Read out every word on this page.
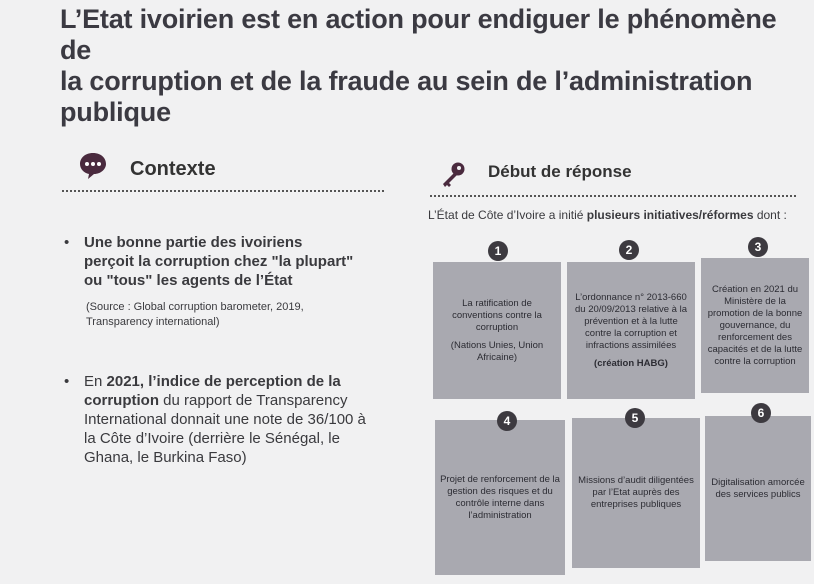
L’Etat ivoirien est en action pour endiguer le phénomène de
la corruption et de la fraude au sein de l’administration
publique
Contexte
• Une bonne partie des ivoiriens perçoit la corruption chez "la plupart" ou "tous" les agents de l’État
(Source : Global corruption barometer, 2019, Transparency international)
• En 2021, l’indice de perception de la corruption du rapport de Transparency International donnait une note de 36/100 à la Côte d’Ivoire (derrière le Sénégal, le Ghana, le Burkina Faso)
Début de réponse
L’État de Côte d’Ivoire a initié plusieurs initiatives/réformes dont :
La ratification de conventions contre la corruption
(Nations Unies, Union Africaine)
L’ordonnance n° 2013-660 du 20/09/2013 relative à la prévention et à la lutte contre la corruption et infractions assimilées
(création HABG)
Création en 2021 du Ministère de la promotion de la bonne gouvernance, du renforcement des capacités et de la lutte contre la corruption
Projet de renforcement de la gestion des risques et du contrôle interne dans l’administration
Missions d’audit diligentées par l’Etat auprès des entreprises publiques
Digitalisation amorcée des services publics
1	2	3
4	5	6
